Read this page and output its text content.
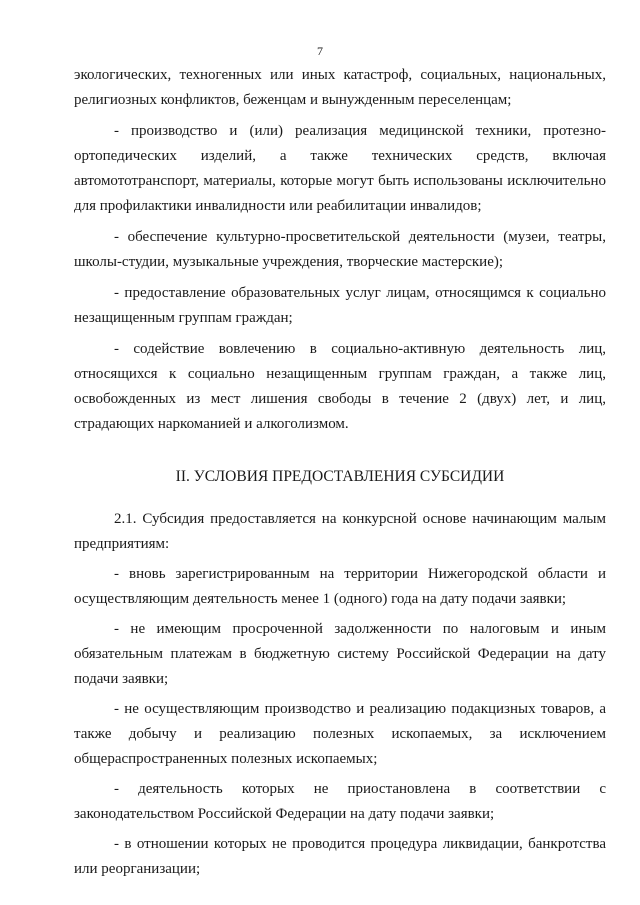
7

экологических, техногенных или иных катастроф, социальных, национальных, религиозных конфликтов, беженцам и вынужденным переселенцам;

- производство и (или) реализация медицинской техники, протезно-ортопедических изделий, а также технических средств, включая автомототранспорт, материалы, которые могут быть использованы исключительно для профилактики инвалидности или реабилитации инвалидов;

- обеспечение культурно-просветительской деятельности (музеи, театры, школы-студии, музыкальные учреждения, творческие мастерские);

- предоставление образовательных услуг лицам, относящимся к социально незащищенным группам граждан;

- содействие вовлечению в социально-активную деятельность лиц, относящихся к социально незащищенным группам граждан, а также лиц, освобожденных из мест лишения свободы в течение 2 (двух) лет, и лиц, страдающих наркоманией и алкоголизмом.

II. УСЛОВИЯ ПРЕДОСТАВЛЕНИЯ СУБСИДИИ

2.1. Субсидия предоставляется на конкурсной основе начинающим малым предприятиям:

- вновь зарегистрированным на территории Нижегородской области и осуществляющим деятельность менее 1 (одного) года на дату подачи заявки;

- не имеющим просроченной задолженности по налоговым и иным обязательным платежам в бюджетную систему Российской Федерации на дату подачи заявки;

- не осуществляющим производство и реализацию подакцизных товаров, а также добычу и реализацию полезных ископаемых, за исключением общераспространенных полезных ископаемых;

- деятельность которых не приостановлена в соответствии с законодательством Российской Федерации на дату подачи заявки;

- в отношении которых не проводится процедура ликвидации, банкротства или реорганизации;
